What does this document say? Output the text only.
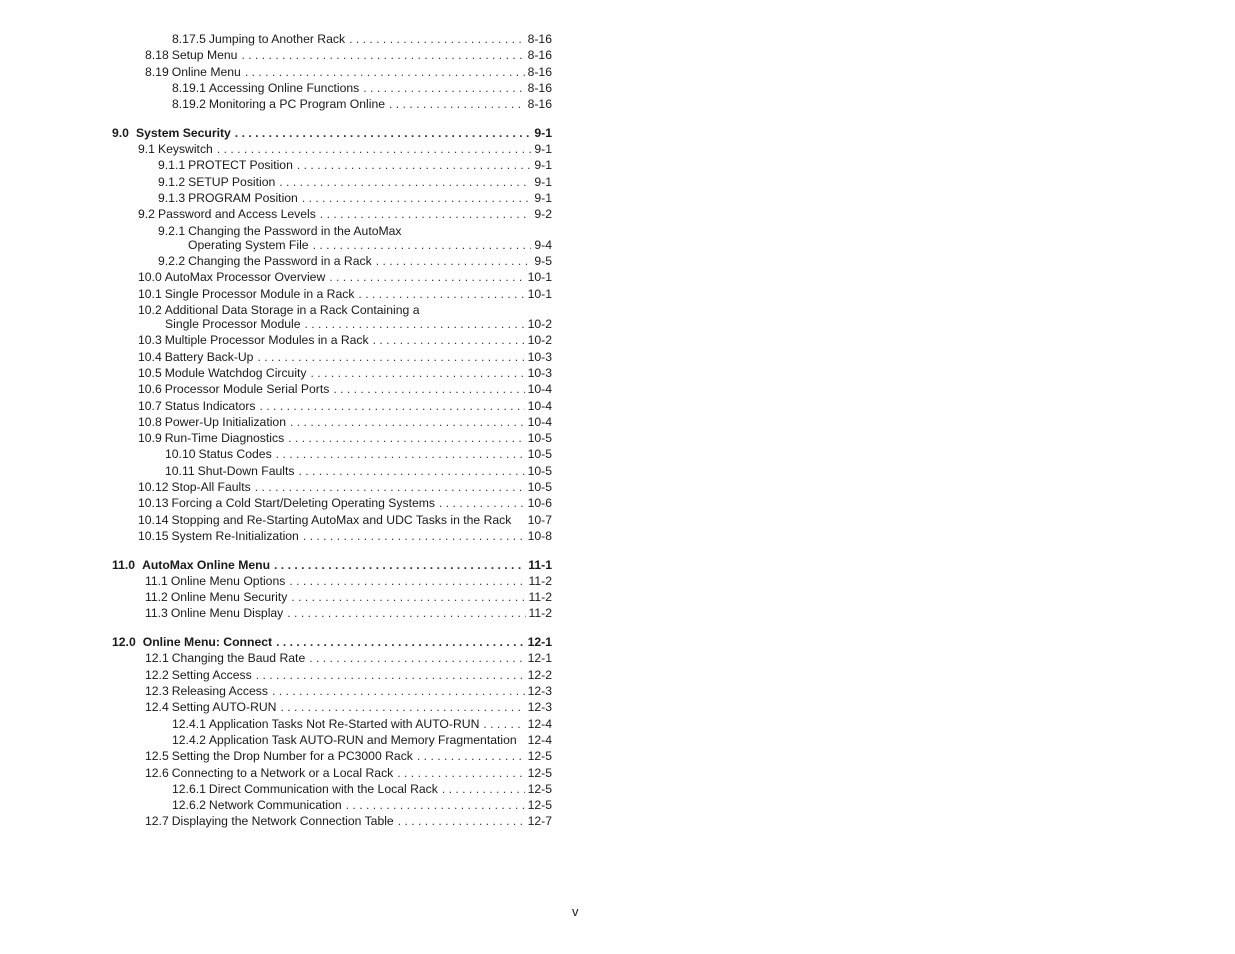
8.17.5 Jumping to Another Rack . . .	8-16
8.18 Setup Menu . . .	8-16
8.19 Online Menu . . .	8-16
8.19.1 Accessing Online Functions . . .	8-16
8.19.2 Monitoring a PC Program Online . . .	8-16
9.0 System Security . . .	9-1
9.1 Keyswitch . . .	9-1
9.1.1 PROTECT Position . . .	9-1
9.1.2 SETUP Position . . .	9-1
9.1.3 PROGRAM Position . . .	9-1
9.2 Password and Access Levels . . .	9-2
9.2.1 Changing the Password in the AutoMax
Operating System File . . .	9-4
9.2.2 Changing the Password in a Rack . . .	9-5
10.0 AutoMax Processor Overview . . .	10-1
10.1 Single Processor Module in a Rack . . .	10-1
10.2 Additional Data Storage in a Rack Containing a
Single Processor Module . . .	10-2
10.3 Multiple Processor Modules in a Rack . . .	10-2
10.4 Battery Back-Up . . .	10-3
10.5 Module Watchdog Circuity . . .	10-3
10.6 Processor Module Serial Ports . . .	10-4
10.7 Status Indicators . . .	10-4
10.8 Power-Up Initialization . . .	10-4
10.9 Run-Time Diagnostics . . .	10-5
10.10 Status Codes . . .	10-5
10.11 Shut-Down Faults . . .	10-5
10.12 Stop-All Faults . . .	10-5
10.13 Forcing a Cold Start/Deleting Operating Systems . . .	10-6
10.14 Stopping and Re-Starting AutoMax and UDC Tasks in the Rack 10-7
10.15 System Re-Initialization . . .	10-8
11.0 AutoMax Online Menu . . .	11-1
11.1 Online Menu Options . . .	11-2
11.2 Online Menu Security . . .	11-2
11.3 Online Menu Display . . .	11-2
12.0 Online Menu: Connect . . .	12-1
12.1 Changing the Baud Rate . . .	12-1
12.2 Setting Access . . .	12-2
12.3 Releasing Access . . .	12-3
12.4 Setting AUTO-RUN . . .	12-3
12.4.1 Application Tasks Not Re-Started with AUTO-RUN . . .	12-4
12.4.2 Application Task AUTO-RUN and Memory Fragmentation 12-4
12.5 Setting the Drop Number for a PC3000 Rack . . .	12-5
12.6 Connecting to a Network or a Local Rack . . .	12-5
12.6.1 Direct Communication with the Local Rack . . .	12-5
12.6.2 Network Communication . . .	12-5
12.7 Displaying the Network Connection Table . . .	12-7
v
